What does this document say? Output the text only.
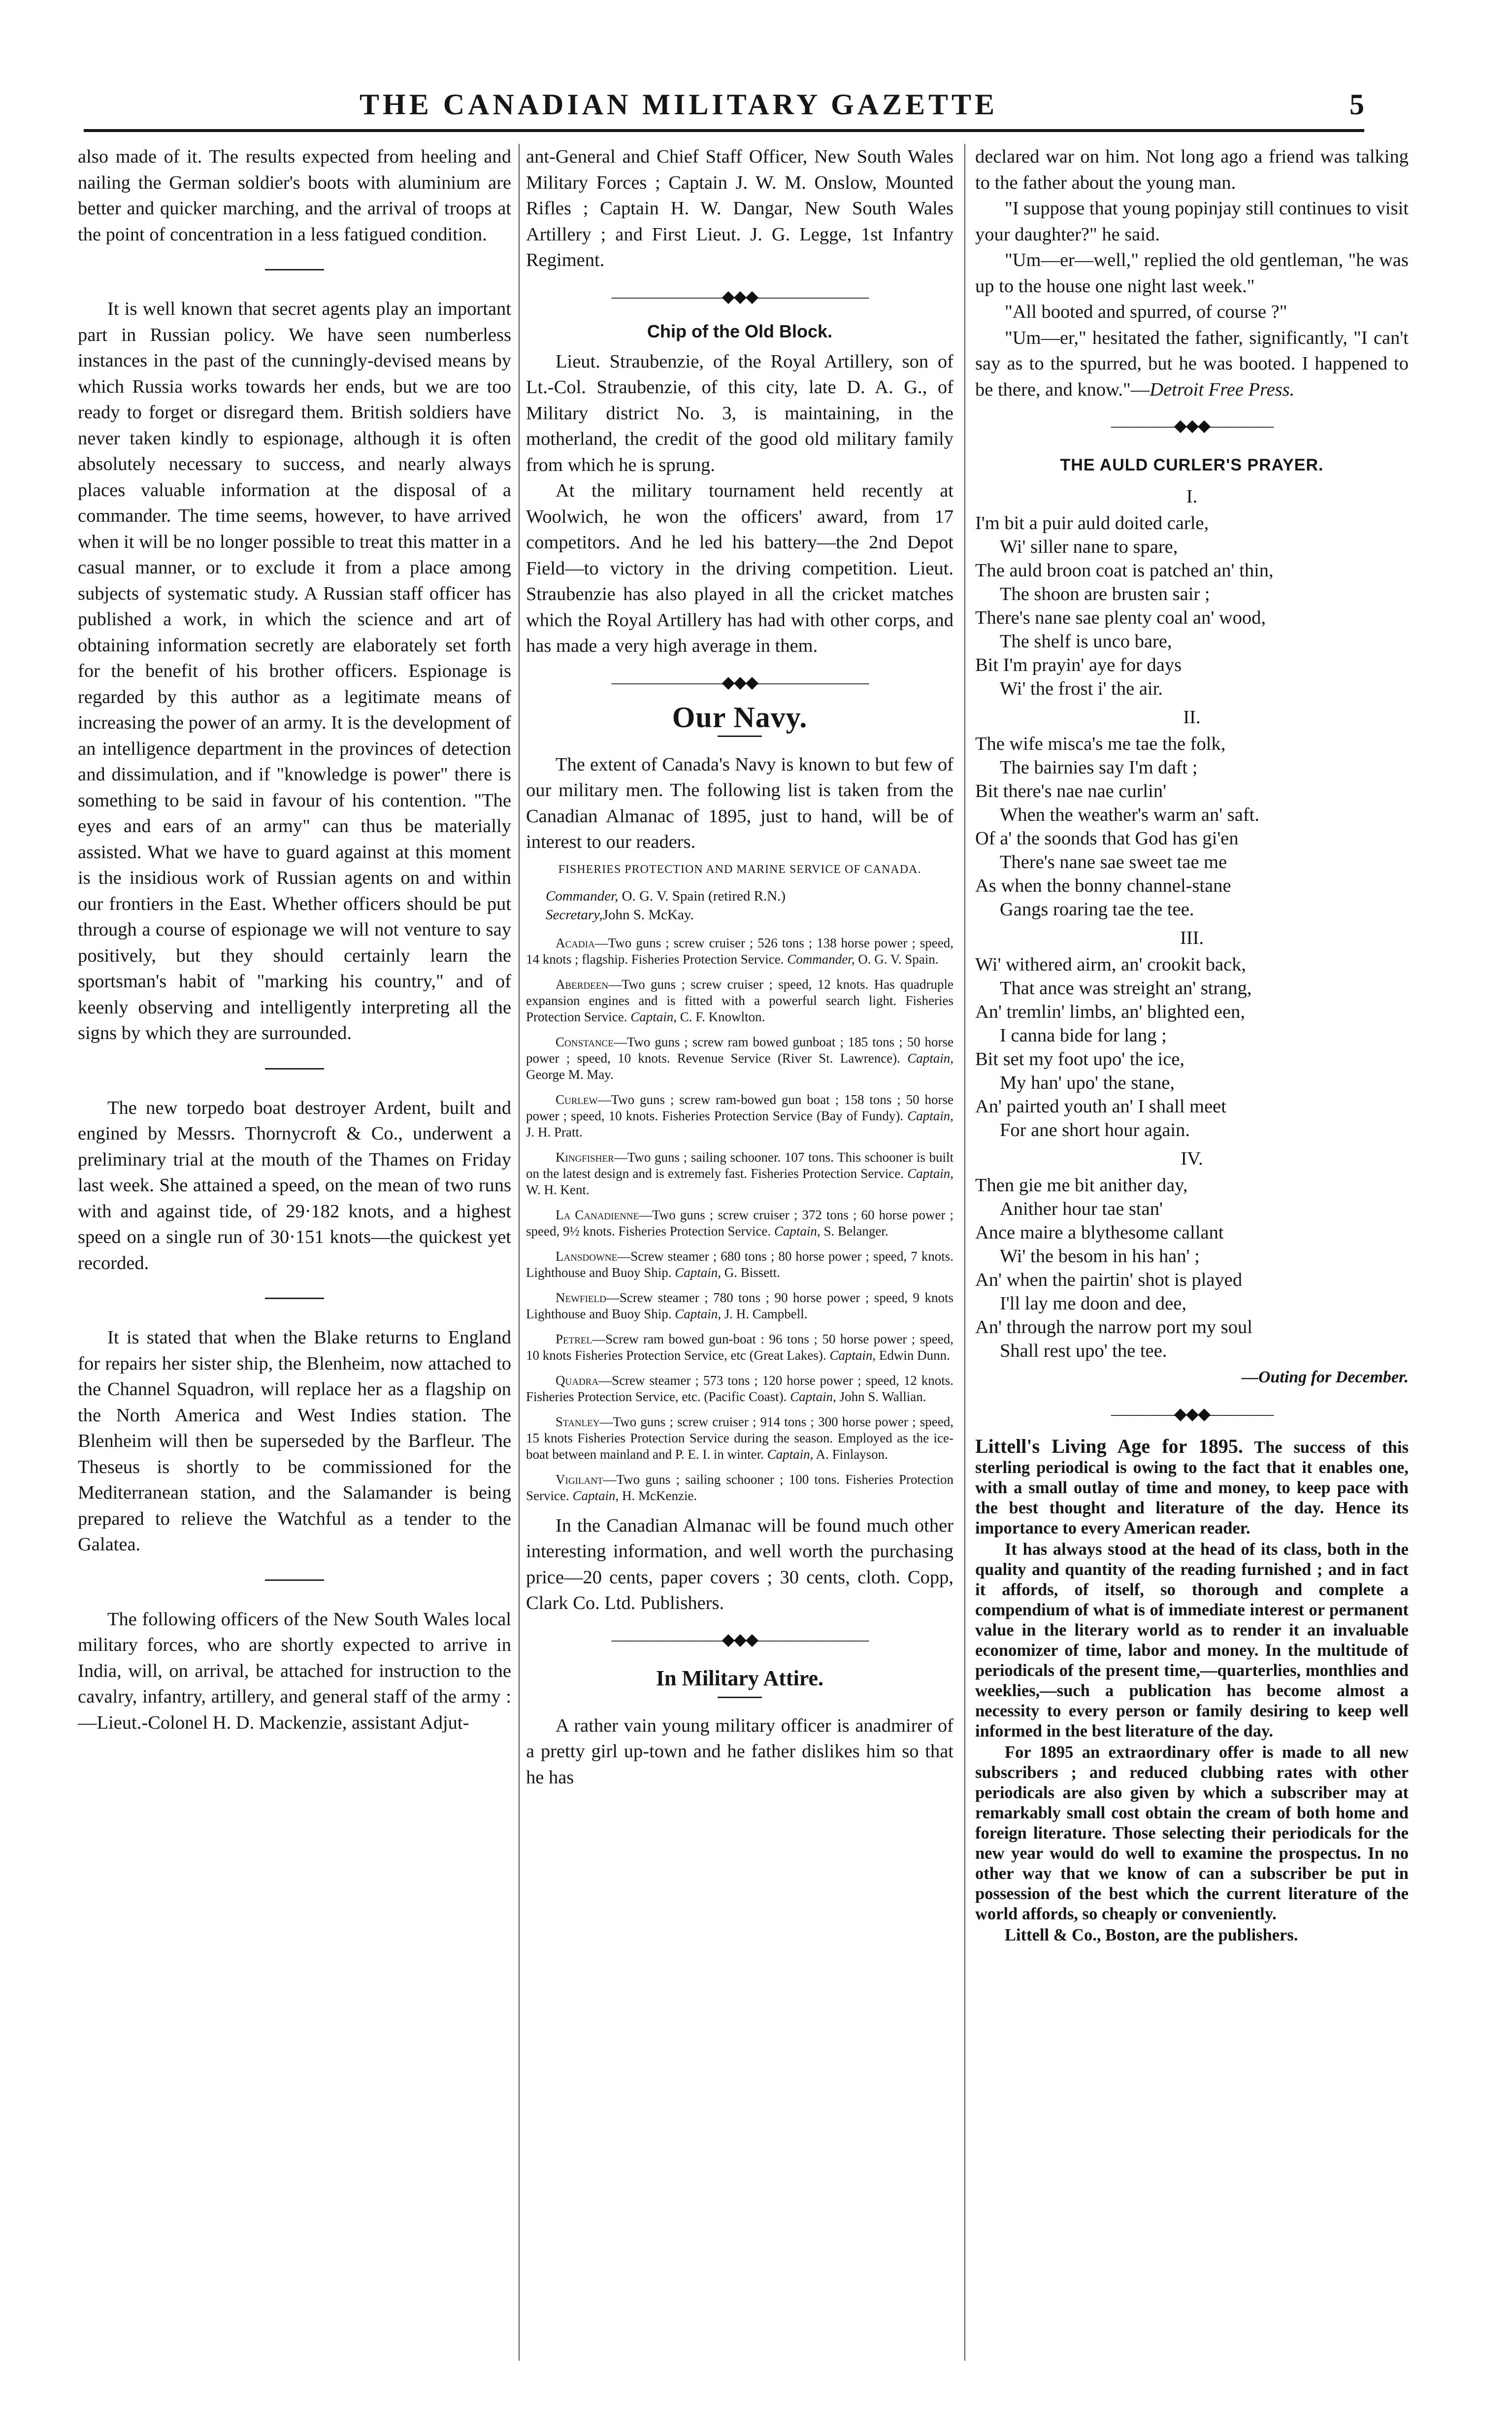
THE CANADIAN MILITARY GAZETTE	5

also made of it. The results expected from heeling and nailing the German soldier's boots with aluminium are better and quicker marching, and the arrival of troops at the point of concentration in a less fatigued condition.

It is well known that secret agents play an important part in Russian policy. We have seen numberless instances in the past of the cunningly-devised means by which Russia works towards her ends, but we are too ready to forget or disregard them. British soldiers have never taken kindly to espionage, although it is often absolutely necessary to success, and nearly always places valuable information at the disposal of a commander. The time seems, however, to have arrived when it will be no longer possible to treat this matter in a casual manner, or to exclude it from a place among subjects of systematic study. A Russian staff officer has published a work, in which the science and art of obtaining information secretly are elaborately set forth for the benefit of his brother officers. Espionage is regarded by this author as a legitimate means of increasing the power of an army. It is the development of an intelligence department in the provinces of detection and dissimulation, and if "knowledge is power" there is something to be said in favour of his contention. "The eyes and ears of an army" can thus be materially assisted. What we have to guard against at this moment is the insidious work of Russian agents on and within our frontiers in the East. Whether officers should be put through a course of espionage we will not venture to say positively, but they should certainly learn the sportsman's habit of "marking his country," and of keenly observing and intelligently interpreting all the signs by which they are surrounded.

The new torpedo boat destroyer Ardent, built and engined by Messrs. Thornycroft & Co., underwent a preliminary trial at the mouth of the Thames on Friday last week. She attained a speed, on the mean of two runs with and against tide, of 29·182 knots, and a highest speed on a single run of 30·151 knots—the quickest yet recorded.

It is stated that when the Blake returns to England for repairs her sister ship, the Blenheim, now attached to the Channel Squadron, will replace her as a flagship on the North America and West Indies station. The Blenheim will then be superseded by the Barfleur. The Theseus is shortly to be commissioned for the Mediterranean station, and the Salamander is being prepared to relieve the Watchful as a tender to the Galatea.

The following officers of the New South Wales local military forces, who are shortly expected to arrive in India, will, on arrival, be attached for instruction to the cavalry, infantry, artillery, and general staff of the army :—Lieut.-Colonel H. D. Mackenzie, assistant Adjut-

ant-General and Chief Staff Officer, New South Wales Military Forces ; Captain J. W. M. Onslow, Mounted Rifles ; Captain H. W. Dangar, New South Wales Artillery ; and First Lieut. J. G. Legge, 1st Infantry Regiment.

———————◆◆◆———————
Chip of the Old Block.

Lieut. Straubenzie, of the Royal Artillery, son of Lt.-Col. Straubenzie, of this city, late D. A. G., of Military district No. 3, is maintaining, in the motherland, the credit of the good old military family from which he is sprung.

At the military tournament held recently at Woolwich, he won the officers' award, from 17 competitors. And he led his battery—the 2nd Depot Field—to victory in the driving competition. Lieut. Straubenzie has also played in all the cricket matches which the Royal Artillery has had with other corps, and has made a very high average in them.

———————◆◆◆———————
Our Navy.

The extent of Canada's Navy is known to but few of our military men. The following list is taken from the Canadian Almanac of 1895, just to hand, will be of interest to our readers.

FISHERIES PROTECTION AND MARINE SERVICE OF CANADA.
Commander, O. G. V. Spain (retired R.N.)
Secretary,John S. McKay.

Acadia—Two guns ; screw cruiser ; 526 tons ; 138 horse power ; speed, 14 knots ; flagship. Fisheries Protection Service. Commander, O. G. V. Spain.

Aberdeen—Two guns ; screw cruiser ; speed, 12 knots. Has quadruple expansion engines and is fitted with a powerful search light. Fisheries Protection Service. Captain, C. F. Knowlton.

Constance—Two guns ; screw ram bowed gunboat ; 185 tons ; 50 horse power ; speed, 10 knots. Revenue Service (River St. Lawrence). Captain, George M. May.

Curlew—Two guns ; screw ram-bowed gun boat ; 158 tons ; 50 horse power ; speed, 10 knots. Fisheries Protection Service (Bay of Fundy). Captain, J. H. Pratt.

Kingfisher—Two guns ; sailing schooner. 107 tons. This schooner is built on the latest design and is extremely fast. Fisheries Protection Service. Captain, W. H. Kent.

La Canadienne—Two guns ; screw cruiser ; 372 tons ; 60 horse power ; speed, 9½ knots. Fisheries Protection Service. Captain, S. Belanger.

Lansdowne—Screw steamer ; 680 tons ; 80 horse power ; speed, 7 knots. Lighthouse and Buoy Ship. Captain, G. Bissett.

Newfield—Screw steamer ; 780 tons ; 90 horse power ; speed, 9 knots Lighthouse and Buoy Ship. Captain, J. H. Campbell.

Petrel—Screw ram bowed gun-boat : 96 tons ; 50 horse power ; speed, 10 knots Fisheries Protection Service, etc (Great Lakes). Captain, Edwin Dunn.

Quadra—Screw steamer ; 573 tons ; 120 horse power ; speed, 12 knots. Fisheries Protection Service, etc. (Pacific Coast). Captain, John S. Wallian.

Stanley—Two guns ; screw cruiser ; 914 tons ; 300 horse power ; speed, 15 knots Fisheries Protection Service during the season. Employed as the ice-boat between mainland and P. E. I. in winter. Captain, A. Finlayson.

Vigilant—Two guns ; sailing schooner ; 100 tons. Fisheries Protection Service. Captain, H. McKenzie.

In the Canadian Almanac will be found much other interesting information, and well worth the purchasing price—20 cents, paper covers ; 30 cents, cloth. Copp, Clark Co. Ltd. Publishers.

———————◆◆◆———————
In Military Attire.

A rather vain young military officer is anadmirer of a pretty girl up-town and he father dislikes him so that he has

declared war on him. Not long ago a friend was talking to the father about the young man.

"I suppose that young popinjay still continues to visit your daughter?" he said.

"Um—er—well," replied the old gentleman, "he was up to the house one night last week."

"All booted and spurred, of course ?"

"Um—er," hesitated the father, significantly, "I can't say as to the spurred, but he was booted. I happened to be there, and know."—Detroit Free Press.

————◆◆◆————
THE AULD CURLER'S PRAYER.
I.
I'm bit a puir auld doited carle,
Wi' siller nane to spare,
The auld broon coat is patched an' thin,
The shoon are brusten sair ;
There's nane sae plenty coal an' wood,
The shelf is unco bare,
Bit I'm prayin' aye for days
Wi' the frost i' the air.
II.
The wife misca's me tae the folk,
The bairnies say I'm daft ;
Bit there's nae nae curlin'
When the weather's warm an' saft.
Of a' the soonds that God has gi'en
There's nane sae sweet tae me
As when the bonny channel-stane
Gangs roaring tae the tee.
III.
Wi' withered airm, an' crookit back,
That ance was streight an' strang,
An' tremlin' limbs, an' blighted een,
I canna bide for lang ;
Bit set my foot upo' the ice,
My han' upo' the stane,
An' pairted youth an' I shall meet
For ane short hour again.
IV.
Then gie me bit anither day,
Anither hour tae stan'
Ance maire a blythesome callant
Wi' the besom in his han' ;
An' when the pairtin' shot is played
I'll lay me doon and dee,
An' through the narrow port my soul
Shall rest upo' the tee.
—Outing for December.
————◆◆◆————

Littell's Living Age for 1895. The success of this sterling periodical is owing to the fact that it enables one, with a small outlay of time and money, to keep pace with the best thought and literature of the day. Hence its importance to every American reader.

It has always stood at the head of its class, both in the quality and quantity of the reading furnished ; and in fact it affords, of itself, so thorough and complete a compendium of what is of immediate interest or permanent value in the literary world as to render it an invaluable economizer of time, labor and money. In the multitude of periodicals of the present time,—quarterlies, monthlies and weeklies,—such a publication has become almost a necessity to every person or family desiring to keep well informed in the best literature of the day.

For 1895 an extraordinary offer is made to all new subscribers ; and reduced clubbing rates with other periodicals are also given by which a subscriber may at remarkably small cost obtain the cream of both home and foreign literature. Those selecting their periodicals for the new year would do well to examine the prospectus. In no other way that we know of can a subscriber be put in possession of the best which the current literature of the world affords, so cheaply or conveniently.

Littell & Co., Boston, are the publishers.
